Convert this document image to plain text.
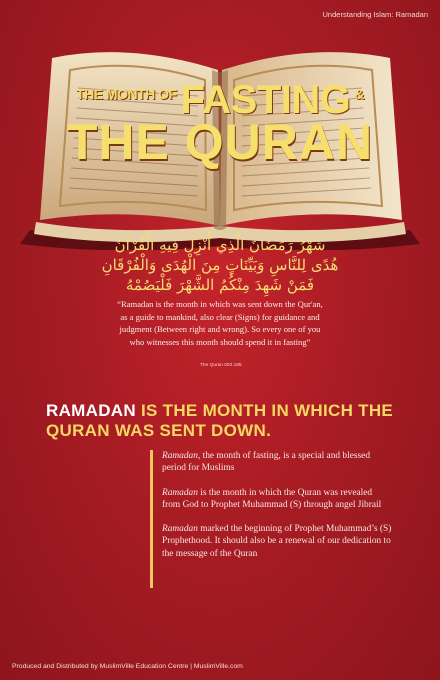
Understanding Islam: Ramadan
THE MONTH OF FASTING &
THE QURAN
شَهْرُ رَمَضَانَ الَّذِي أُنْزِلَ فِيهِ الْقُرْآنُ
هُدًى لِلنَّاسِ وَبَيِّنَاتٍ مِنَ الْهُدَى وَالْفُرْقَانِ
فَمَنْ شَهِدَ مِنْكُمُ الشَّهْرَ فَلْيَصُمْهُ
“Ramadan is the month in which was sent down the Qur'an,
as a guide to mankind, also clear (Signs) for guidance and
judgment (Between right and wrong). So every one of you
who witnesses this month should spend it in fasting”
The Quran 002.185
RAMADAN IS THE MONTH IN WHICH THE
QURAN WAS SENT DOWN.

Ramadan, the month of fasting, is a special and blessed period for Muslims

Ramadan is the month in which the Quran was revealed from God to Prophet Muhammad (S) through angel Jibrail

Ramadan marked the beginning of Prophet Muhammad’s (S) Prophethood. It should also be a renewal of our dedication to the message of the Quran

Produced and Distributed by MuslimVille Education Centre | MuslimVille.com
